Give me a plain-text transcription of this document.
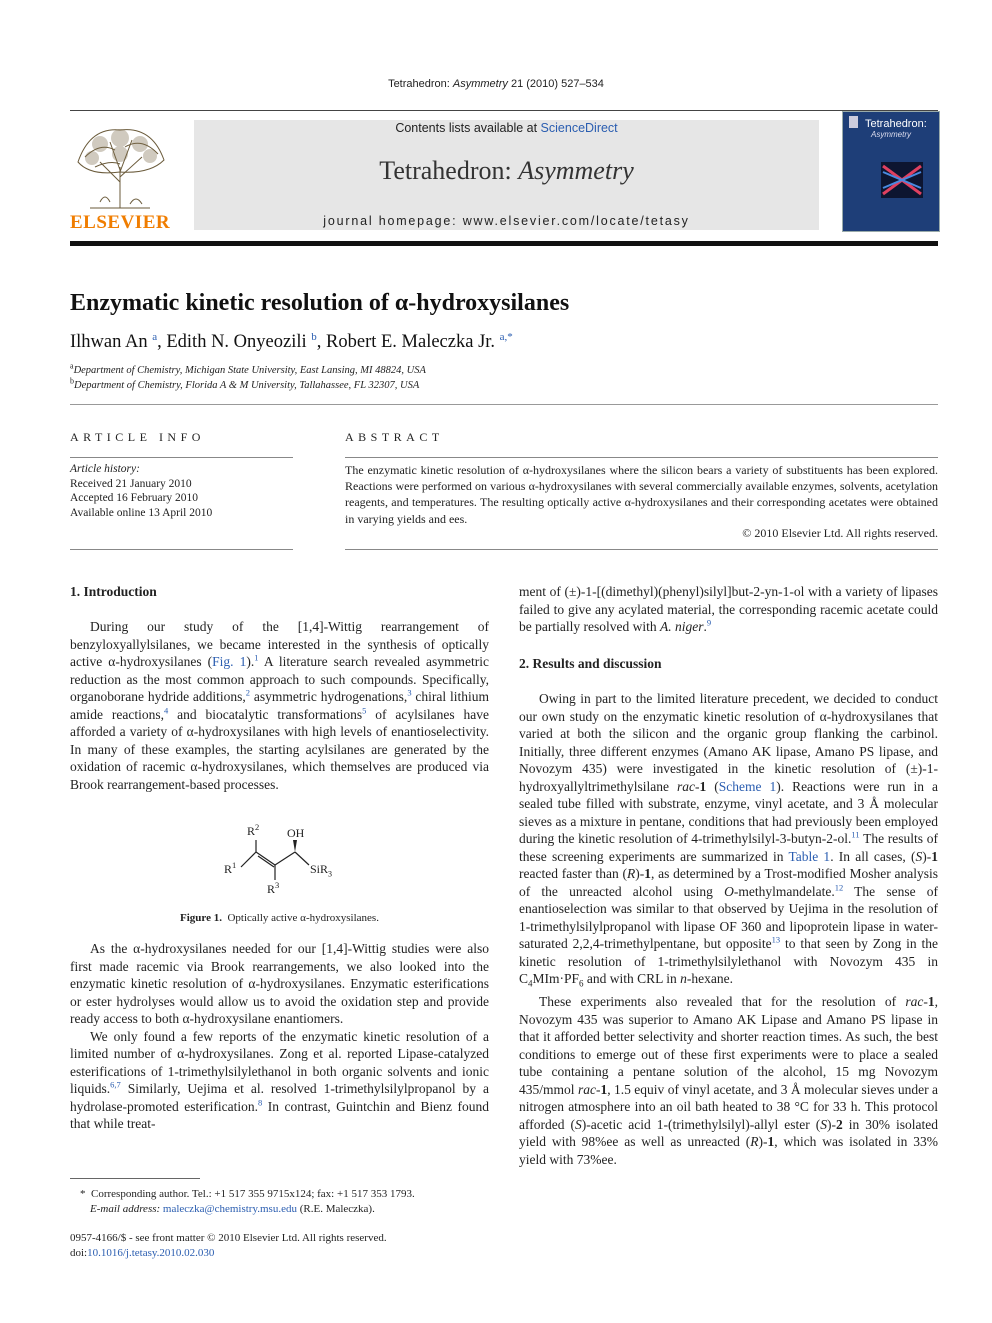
Tetrahedron: Asymmetry 21 (2010) 527–534
ELSEVIER
Contents lists available at ScienceDirect
Tetrahedron: Asymmetry
journal homepage: www.elsevier.com/locate/tetasy
Tetrahedron:
Asymmetry
Enzymatic kinetic resolution of α-hydroxysilanes
Ilhwan An $^a$, Edith N. Onyeozili $^b$, Robert E. Maleczka Jr. $^{a,*}$
$^a$Department of Chemistry, Michigan State University, East Lansing, MI 48824, USA
$^b$Department of Chemistry, Florida A & M University, Tallahassee, FL 32307, USA
ARTICLE INFO
Article history:
Received 21 January 2010
Accepted 16 February 2010
Available online 13 April 2010
ABSTRACT
The enzymatic kinetic resolution of α-hydroxysilanes where the silicon bears a variety of substituents has been explored. Reactions were performed on various α-hydroxysilanes with several commercially available enzymes, solvents, acetylation reagents, and temperatures. The resulting optically active α-hydroxysilanes and their corresponding acetates were obtained in varying yields and ees.
© 2010 Elsevier Ltd. All rights reserved.
1. Introduction

During our study of the [1,4]-Wittig rearrangement of benzyloxyallylsilanes, we became interested in the synthesis of optically active α-hydroxysilanes (Fig. 1).$^1$ A literature search revealed asymmetric reduction as the most common approach to such compounds. Specifically, organoborane hydride additions,$^2$ asymmetric hydrogenations,$^3$ chiral lithium amide reactions,$^4$ and biocatalytic transformations$^5$ of acylsilanes have afforded a variety of α-hydroxysilanes with high levels of enantioselectivity. In many of these examples, the starting acylsilanes are generated by the oxidation of racemic α-hydroxysilanes, which themselves are produced via Brook rearrangement-based processes.

$R^2$ OH
$R^1$	SiR$_3$
$R^3$
Figure 1. Optically active α-hydroxysilanes.

As the α-hydroxysilanes needed for our [1,4]-Wittig studies were also first made racemic via Brook rearrangements, we also looked into the enzymatic kinetic resolution of α-hydroxysilanes. Enzymatic esterifications or ester hydrolyses would allow us to avoid the oxidation step and provide ready access to both α-hydroxysilane enantiomers.

We only found a few reports of the enzymatic kinetic resolution of a limited number of α-hydroxysilanes. Zong et al. reported Lipase-catalyzed esterifications of 1-trimethylsilylethanol in both organic solvents and ionic liquids.$^{6,7}$ Similarly, Uejima et al. resolved 1-trimethylsilylpropanol by a hydrolase-promoted esterification.$^8$ In contrast, Guintchin and Bienz found that while treat-

* Corresponding author. Tel.: +1 517 355 9715x124; fax: +1 517 353 1793.
E-mail address: maleczka@chemistry.msu.edu (R.E. Maleczka).
0957-4166/$ - see front matter © 2010 Elsevier Ltd. All rights reserved.
doi:10.1016/j.tetasy.2010.02.030

ment of (±)-1-[(dimethyl)(phenyl)silyl]but-2-yn-1-ol with a variety of lipases failed to give any acylated material, the corresponding racemic acetate could be partially resolved with A. niger.$^9$

2. Results and discussion

Owing in part to the limited literature precedent, we decided to conduct our own study on the enzymatic kinetic resolution of α-hydroxysilanes that varied at both the silicon and the organic group flanking the carbinol. Initially, three different enzymes (Amano AK lipase, Amano PS lipase, and Novozym 435) were investigated in the kinetic resolution of (±)-1-hydroxyallyltrimethylsilane rac-1 (Scheme 1). Reactions were run in a sealed tube filled with substrate, enzyme, vinyl acetate, and 3 Å molecular sieves as a mixture in pentane, conditions that had previously been employed during the kinetic resolution of 4-trimethylsilyl-3-butyn-2-ol.$^{11}$ The results of these screening experiments are summarized in Table 1. In all cases, (S)-1 reacted faster than (R)-1, as determined by a Trost-modified Mosher analysis of the unreacted alcohol using O-methylmandelate.$^{12}$ The sense of enantioselection was similar to that observed by Uejima in the resolution of 1-trimethylsilylpropanol with lipase OF 360 and lipoprotein lipase in water-saturated 2,2,4-trimethylpentane, but opposite$^{13}$ to that seen by Zong in the kinetic resolution of 1-trimethylsilylethanol with Novozym 435 in $C_4MIm\cdot PF_6$ and with CRL in n-hexane.

These experiments also revealed that for the resolution of rac-1, Novozym 435 was superior to Amano AK Lipase and Amano PS lipase in that it afforded better selectivity and shorter reaction times. As such, the best conditions to emerge out of these first experiments were to place a sealed tube containing a pentane solution of the alcohol, 15 mg Novozym 435/mmol rac-1, 1.5 equiv of vinyl acetate, and 3 Å molecular sieves under a nitrogen atmosphere into an oil bath heated to 38 °C for 33 h. This protocol afforded (S)-acetic acid 1-(trimethylsilyl)-allyl ester (S)-2 in 30% isolated yield with 98%ee as well as unreacted (R)-1, which was isolated in 33% yield with 73%ee.
